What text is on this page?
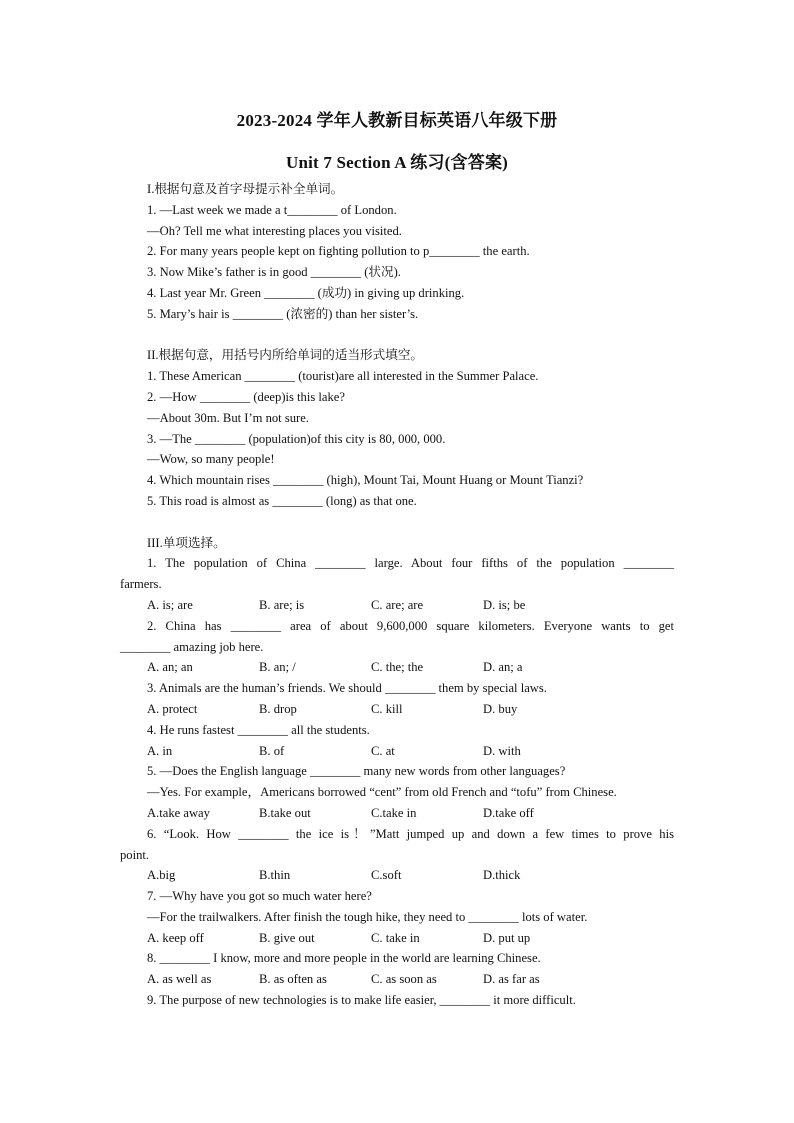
2023-2024 学年人教新目标英语八年级下册
Unit 7 Section A 练习(含答案)
I.根据句意及首字母提示补全单词。
1. —Last week we made a t________ of London.
—Oh? Tell me what interesting places you visited.
2. For many years people kept on fighting pollution to p________ the earth.
3. Now Mike’s father is in good ________ (状况).
4. Last year Mr. Green ________ (成功) in giving up drinking.
5. Mary’s hair is ________ (浓密的) than her sister’s.
II.根据句意，用括号内所给单词的适当形式填空。
1. These American ________ (tourist)are all interested in the Summer Palace.
2. —How ________ (deep)is this lake?
—About 30m. But I’m not sure.
3. —The ________ (population)of this city is 80, 000, 000.
—Wow, so many people!
4. Which mountain rises ________ (high), Mount Tai, Mount Huang or Mount Tianzi?
5. This road is almost as ________ (long) as that one.
III.单项选择。
1. The population of China ________ large. About four fifths of the population ________
farmers.
A. is; are	B. are; is	C. are; are	D. is; be
2. China has ________ area of about 9,600,000 square kilometers. Everyone wants to get
________ amazing job here.
A. an; an	B. an; /	C. the; the	D. an; a
3. Animals are the human’s friends. We should ________ them by special laws.
A. protect	B. drop	C. kill	D. buy
4. He runs fastest ________ all the students.
A. in	B. of	C. at	D. with
5. —Does the English language ________ many new words from other languages?
—Yes. For example，Americans borrowed “cent” from old French and “tofu” from Chinese.
A.take away	B.take out	C.take in	D.take off
6. “Look. How ________ the ice is！”Matt jumped up and down a few times to prove his
point.
A.big	B.thin	C.soft	D.thick
7. —Why have you got so much water here?
—For the trailwalkers. After finish the tough hike, they need to ________ lots of water.
A. keep off	B. give out	C. take in	D. put up
8. ________ I know, more and more people in the world are learning Chinese.
A. as well as	B. as often as	C. as soon as	D. as far as
9. The purpose of new technologies is to make life easier, ________ it more difficult.
